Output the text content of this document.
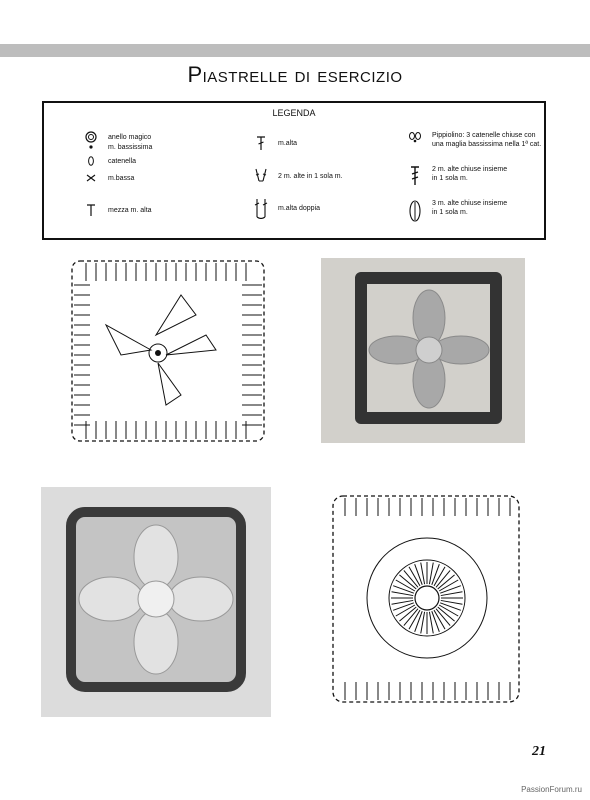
Piastrelle di esercizio
LEGENDA
anello magico
m. bassissima
catenella
m.bassa
mezza m. alta
m.alta
2 m. alte in 1 sola m.
m.alta doppia
Pippiolino: 3 catenelle chiuse con una maglia bassissima nella 1ª cat.
2 m. alte chiuse insieme in 1 sola m.
3 m. alte chiuse insieme in 1 sola m.
21
PassionForum.ru
